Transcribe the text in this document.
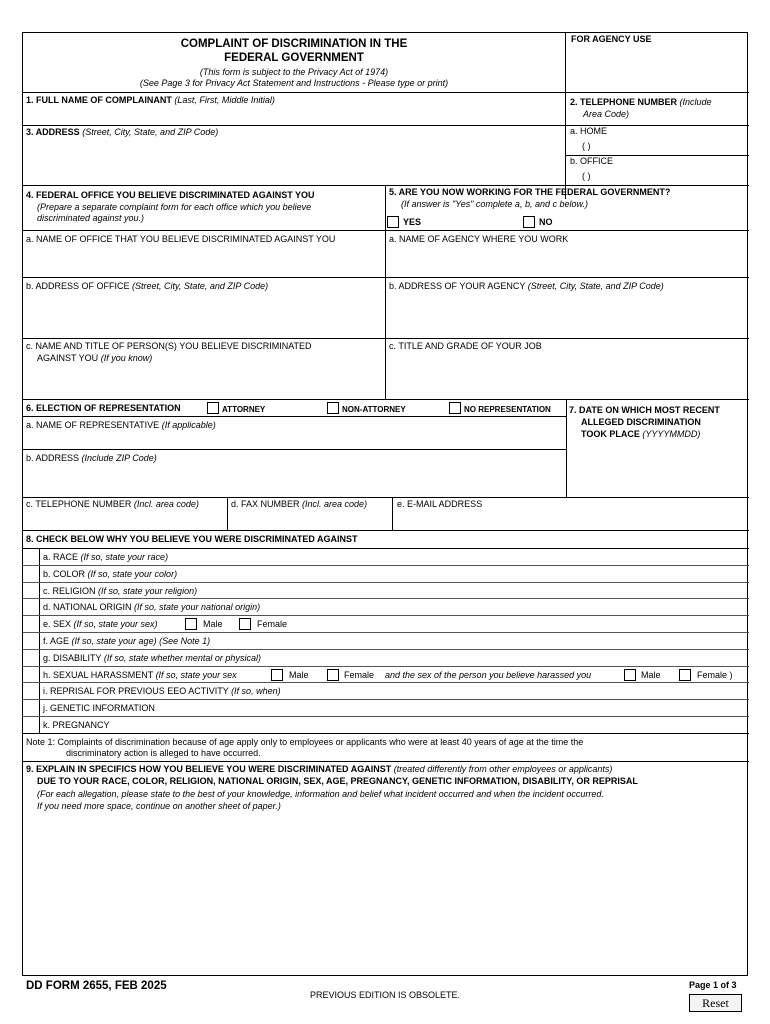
COMPLAINT OF DISCRIMINATION IN THE
FEDERAL GOVERNMENT
(This form is subject to the Privacy Act of 1974)
(See Page 3 for Privacy Act Statement and Instructions - Please type or print)
FOR AGENCY USE
1. FULL NAME OF COMPLAINANT (Last, First, Middle Initial)	2. TELEPHONE NUMBER (Include
Area Code)
3. ADDRESS (Street, City, State, and ZIP Code)	a. HOME
( )
b. OFFICE
( )
4. FEDERAL OFFICE YOU BELIEVE DISCRIMINATED AGAINST YOU
(Prepare a separate complaint form for each office which you believe
discriminated against you.)
5. ARE YOU NOW WORKING FOR THE FEDERAL GOVERNMENT?
(If answer is "Yes" complete a, b, and c below.)
YES	NO
a. NAME OF OFFICE THAT YOU BELIEVE DISCRIMINATED AGAINST YOU	a. NAME OF AGENCY WHERE YOU WORK
b. ADDRESS OF OFFICE (Street, City, State, and ZIP Code)	b. ADDRESS OF YOUR AGENCY (Street, City, State, and ZIP Code)
c. NAME AND TITLE OF PERSON(S) YOU BELIEVE DISCRIMINATED
AGAINST YOU (If you know)
c. TITLE AND GRADE OF YOUR JOB
6. ELECTION OF REPRESENTATION	ATTORNEY	NON-ATTORNEY	NO REPRESENTATION
a. NAME OF REPRESENTATIVE (If applicable)
7. DATE ON WHICH MOST RECENT
ALLEGED DISCRIMINATION
TOOK PLACE (YYYYMMDD)
b. ADDRESS (Include ZIP Code)
c. TELEPHONE NUMBER (Incl. area code)	d. FAX NUMBER (Incl. area code)	e. E-MAIL ADDRESS
8. CHECK BELOW WHY YOU BELIEVE YOU WERE DISCRIMINATED AGAINST
a. RACE (If so, state your race)
b. COLOR (If so, state your color)
c. RELIGION (If so, state your religion)
d. NATIONAL ORIGIN (If so, state your national origin)
e. SEX (If so, state your sex)	Male	Female
f. AGE (If so, state your age) (See Note 1)
g. DISABILITY (If so, state whether mental or physical)
h. SEXUAL HARASSMENT (If so, state your sex	Male	Female and the sex of the person you believe harassed you	Male	Female )
i. REPRISAL FOR PREVIOUS EEO ACTIVITY (If so, when)
j. GENETIC INFORMATION
k. PREGNANCY
Note 1: Complaints of discrimination because of age apply only to employees or applicants who were at least 40 years of age at the time the
discriminatory action is alleged to have occurred.
9. EXPLAIN IN SPECIFICS HOW YOU BELIEVE YOU WERE DISCRIMINATED AGAINST (treated differently from other employees or applicants)
DUE TO YOUR RACE, COLOR, RELIGION, NATIONAL ORIGIN, SEX, AGE, PREGNANCY, GENETIC INFORMATION, DISABILITY, OR REPRISAL
(For each allegation, please state to the best of your knowledge, information and belief what incident occurred and when the incident occurred.
If you need more space, continue on another sheet of paper.)
DD FORM 2655, FEB 2025
PREVIOUS EDITION IS OBSOLETE.
Page 1 of 3
Reset
